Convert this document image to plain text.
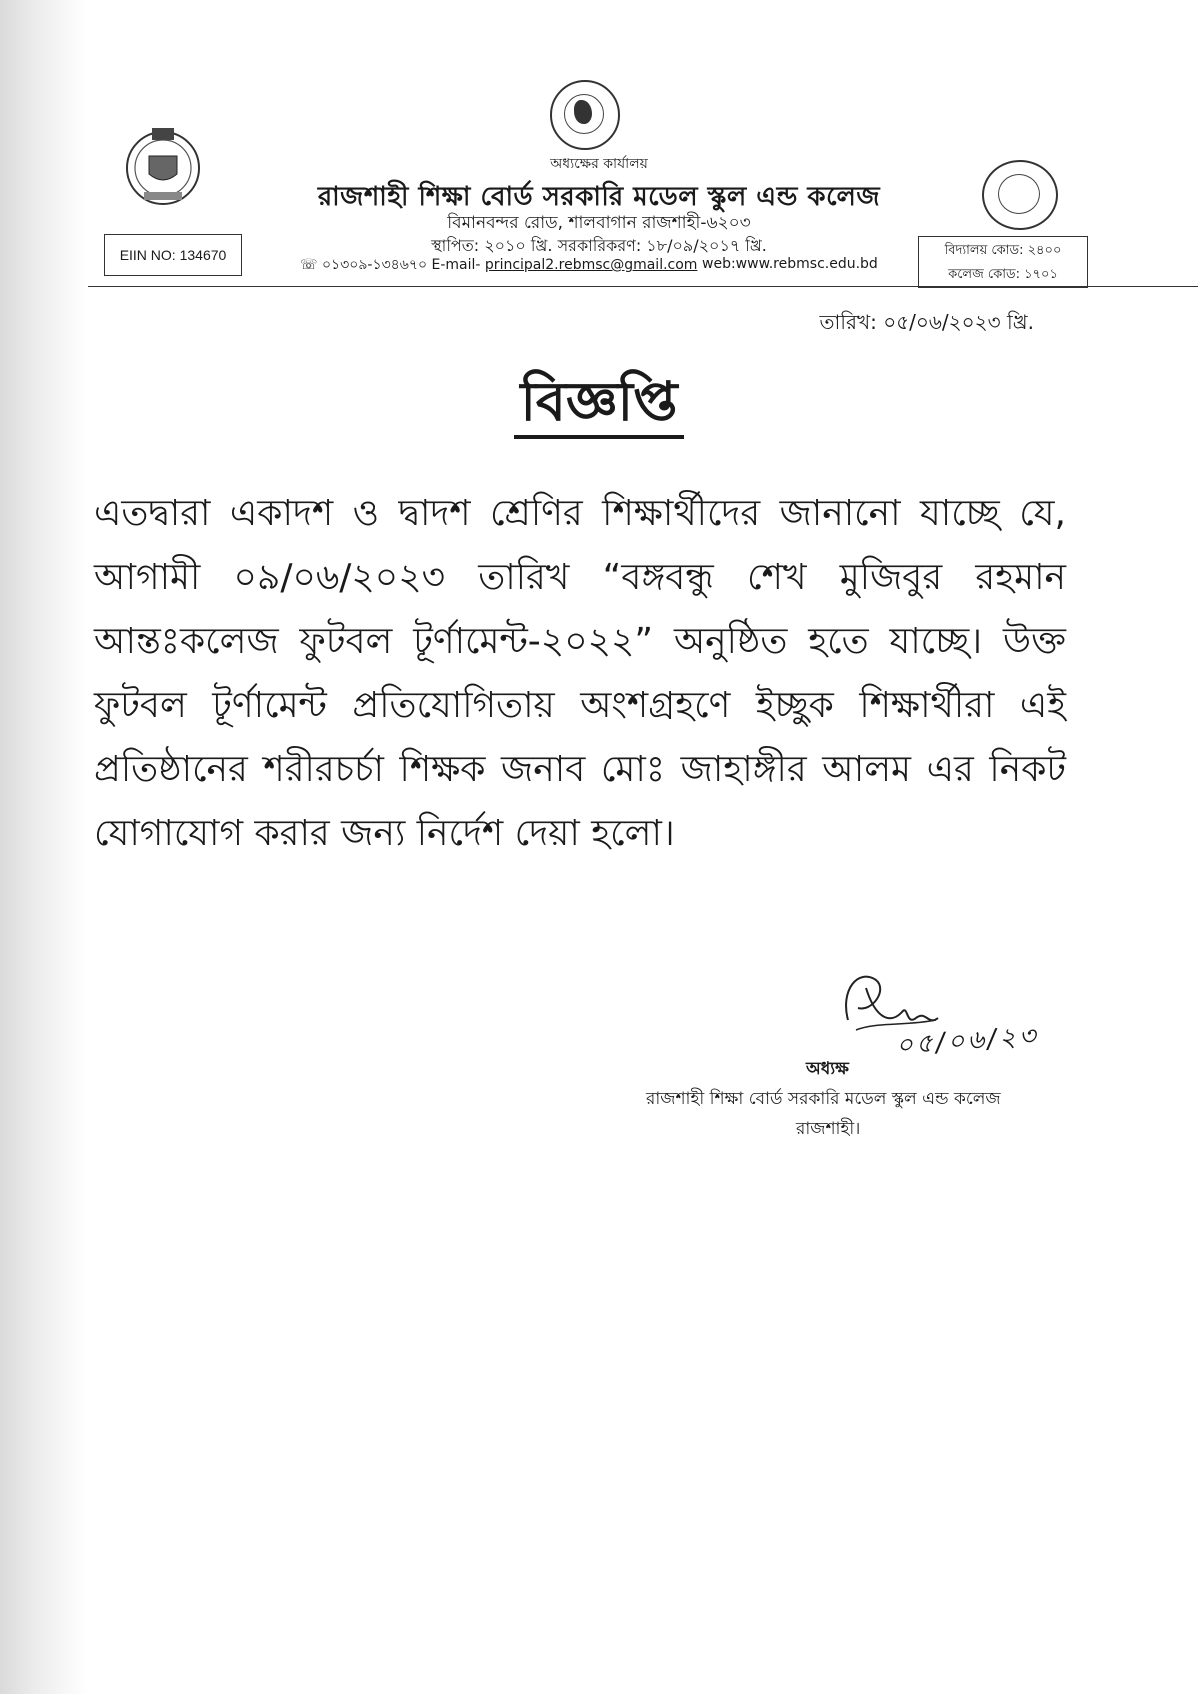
অধ্যক্ষের কার্যালয়
রাজশাহী শিক্ষা বোর্ড সরকারি মডেল স্কুল এন্ড কলেজ
বিমানবন্দর রোড, শালবাগান রাজশাহী-৬২০৩
স্থাপিত: ২০১০ খ্রি. সরকারিকরণ: ১৮/০৯/২০১৭ খ্রি.
☏ ০১৩০৯-১৩৪৬৭০ E-mail- principal2.rebmsc@gmail.com web:www.rebmsc.edu.bd
EIIN NO: 134670	বিদ্যালয় কোড: ২৪০০
কলেজ কোড: ১৭০১
তারিখ: ০৫/০৬/২০২৩ খ্রি.
বিজ্ঞপ্তি
এতদ্বারা একাদশ ও দ্বাদশ শ্রেণির শিক্ষার্থীদের জানানো যাচ্ছে যে, আগামী ০৯/০৬/২০২৩ তারিখ “বঙ্গবন্ধু শেখ মুজিবুর রহমান আন্তঃকলেজ ফুটবল টূর্ণামেন্ট-২০২২” অনুষ্ঠিত হতে যাচ্ছে। উক্ত ফুটবল টূর্ণামেন্ট প্রতিযোগিতায় অংশগ্রহণে ইচ্ছুক শিক্ষার্থীরা এই প্রতিষ্ঠানের শরীরচর্চা শিক্ষক জনাব মোঃ জাহাঙ্গীর আলম এর নিকট যোগাযোগ করার জন্য নির্দেশ দেয়া হলো।
০৫/০৬/২৩
অধ্যক্ষ
রাজশাহী শিক্ষা বোর্ড সরকারি মডেল স্কুল এন্ড কলেজ
রাজশাহী।
